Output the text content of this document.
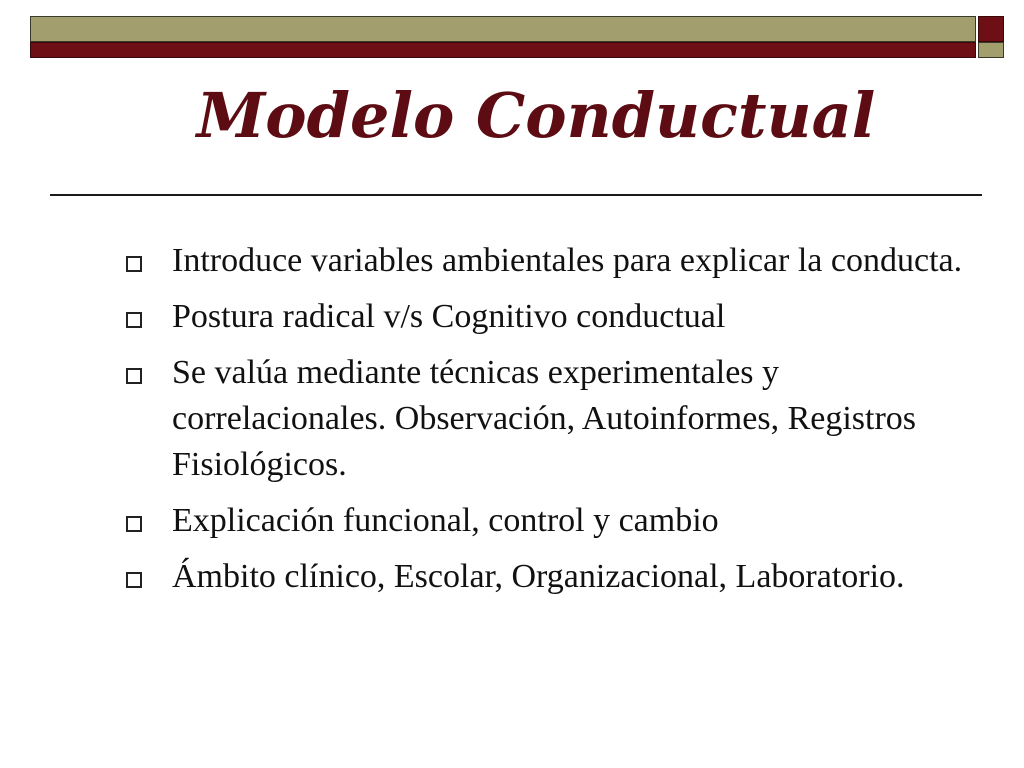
Modelo Conductual
Introduce variables ambientales para explicar la conducta.
Postura radical v/s Cognitivo conductual
Se valúa mediante técnicas experimentales y correlacionales. Observación, Autoinformes, Registros Fisiológicos.
Explicación funcional, control y cambio
Ámbito clínico, Escolar, Organizacional, Laboratorio.
